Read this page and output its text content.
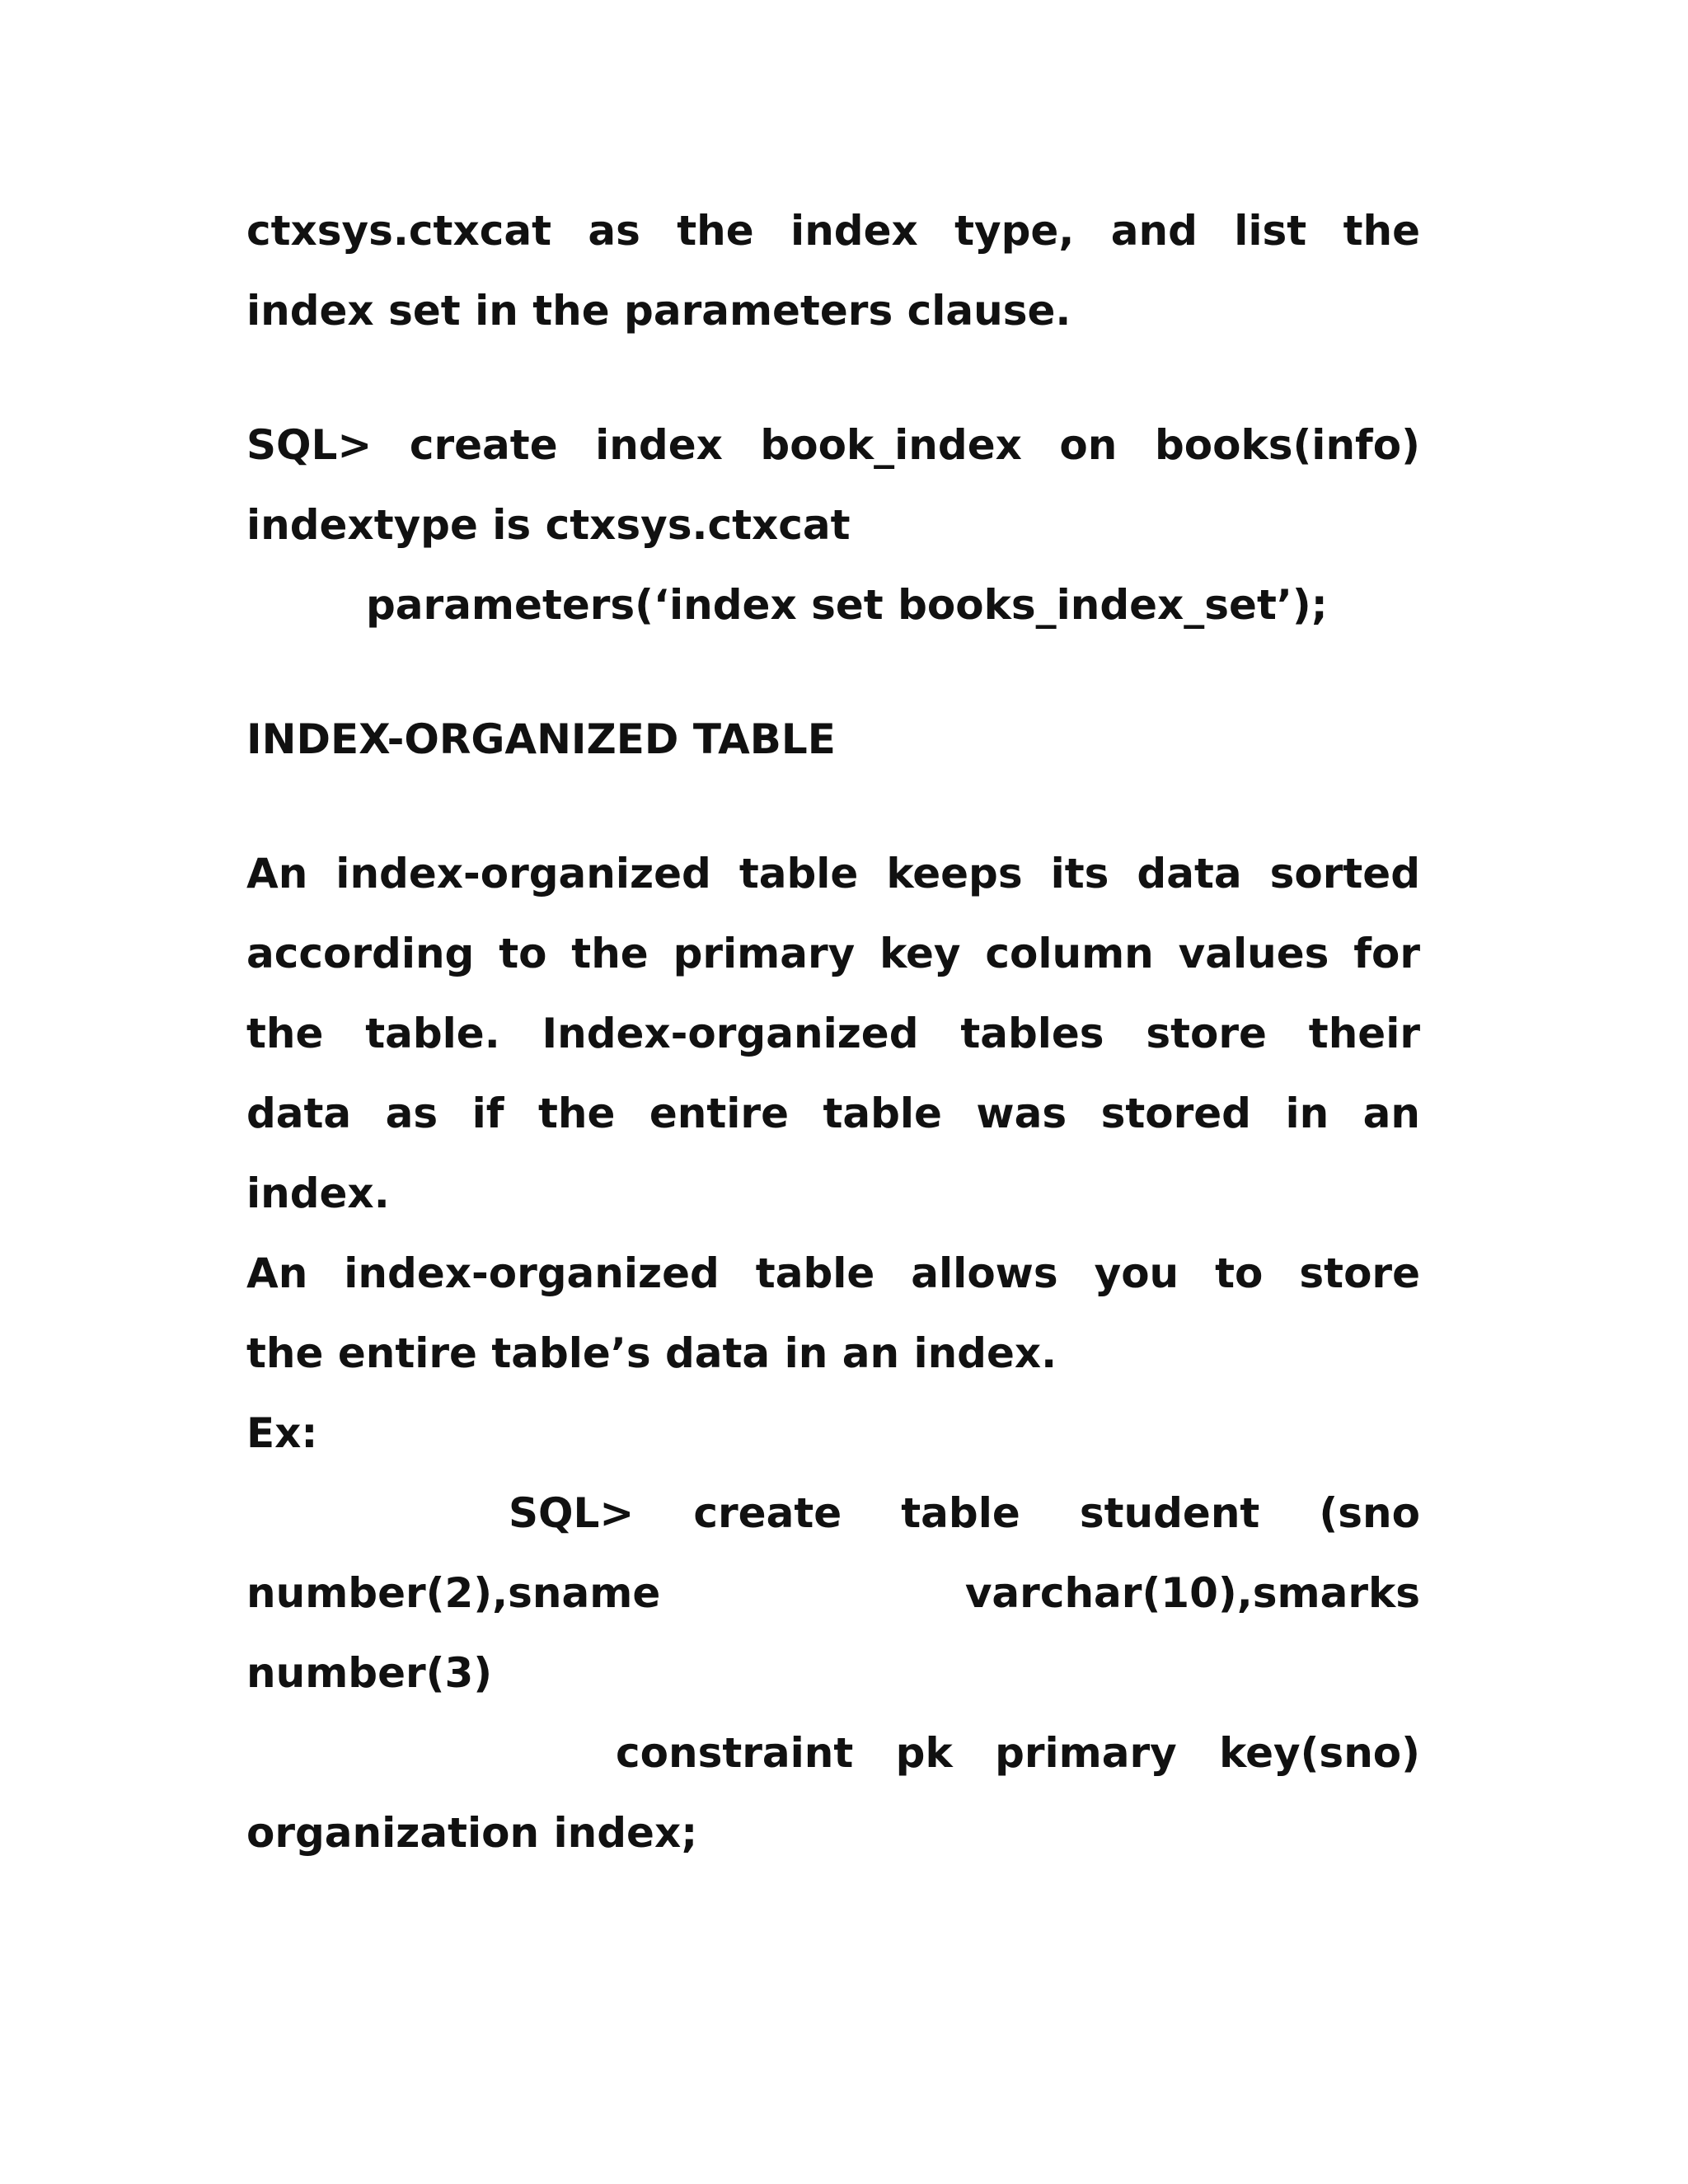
ctxsys.ctxcat as the index type, and list the
index set in the parameters clause.
SQL> create index book_index on books(info)
indextype is ctxsys.ctxcat
parameters(‘index set books_index_set’);
INDEX-ORGANIZED TABLE
An index-organized table keeps its data sorted
according to the primary key column values for
the table. Index-organized tables store their
data as if the entire table was stored in an
index.
An index-organized table allows you to store
the entire table’s data in an index.
Ex:
SQL> create table student (sno
number(2),sname varchar(10),smarks
number(3)
constraint pk primary key(sno)
organization index;
